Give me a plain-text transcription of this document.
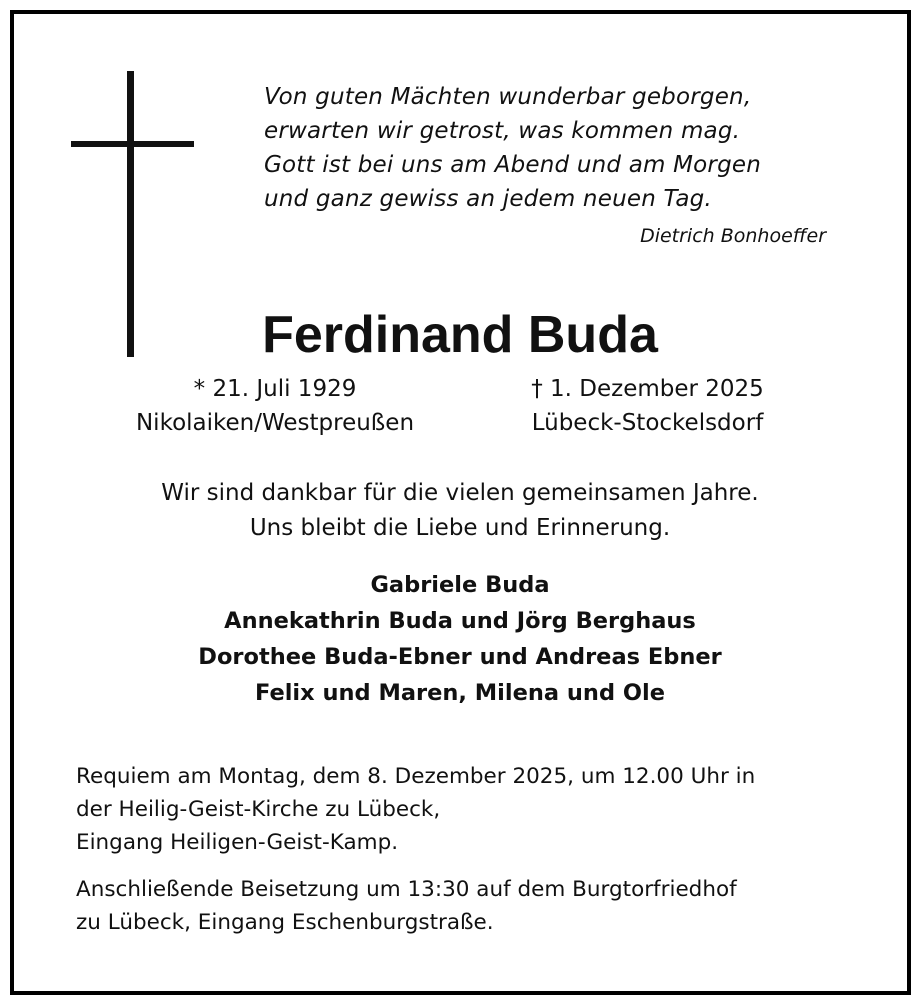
Von guten Mächten wunderbar geborgen,
erwarten wir getrost, was kommen mag.
Gott ist bei uns am Abend und am Morgen
und ganz gewiss an jedem neuen Tag.
Dietrich Bonhoeffer
Ferdinand Buda
* 21. Juli 1929
Nikolaiken/Westpreußen
† 1. Dezember 2025
Lübeck-Stockelsdorf
Wir sind dankbar für die vielen gemeinsamen Jahre.
Uns bleibt die Liebe und Erinnerung.
Gabriele Buda
Annekathrin Buda und Jörg Berghaus
Dorothee Buda-Ebner und Andreas Ebner
Felix und Maren, Milena und Ole
Requiem am Montag, dem 8. Dezember 2025, um 12.00 Uhr in
der Heilig-Geist-Kirche zu Lübeck,
Eingang Heiligen-Geist-Kamp.
Anschließende Beisetzung um 13:30 auf dem Burgtorfriedhof
zu Lübeck, Eingang Eschenburgstraße.
